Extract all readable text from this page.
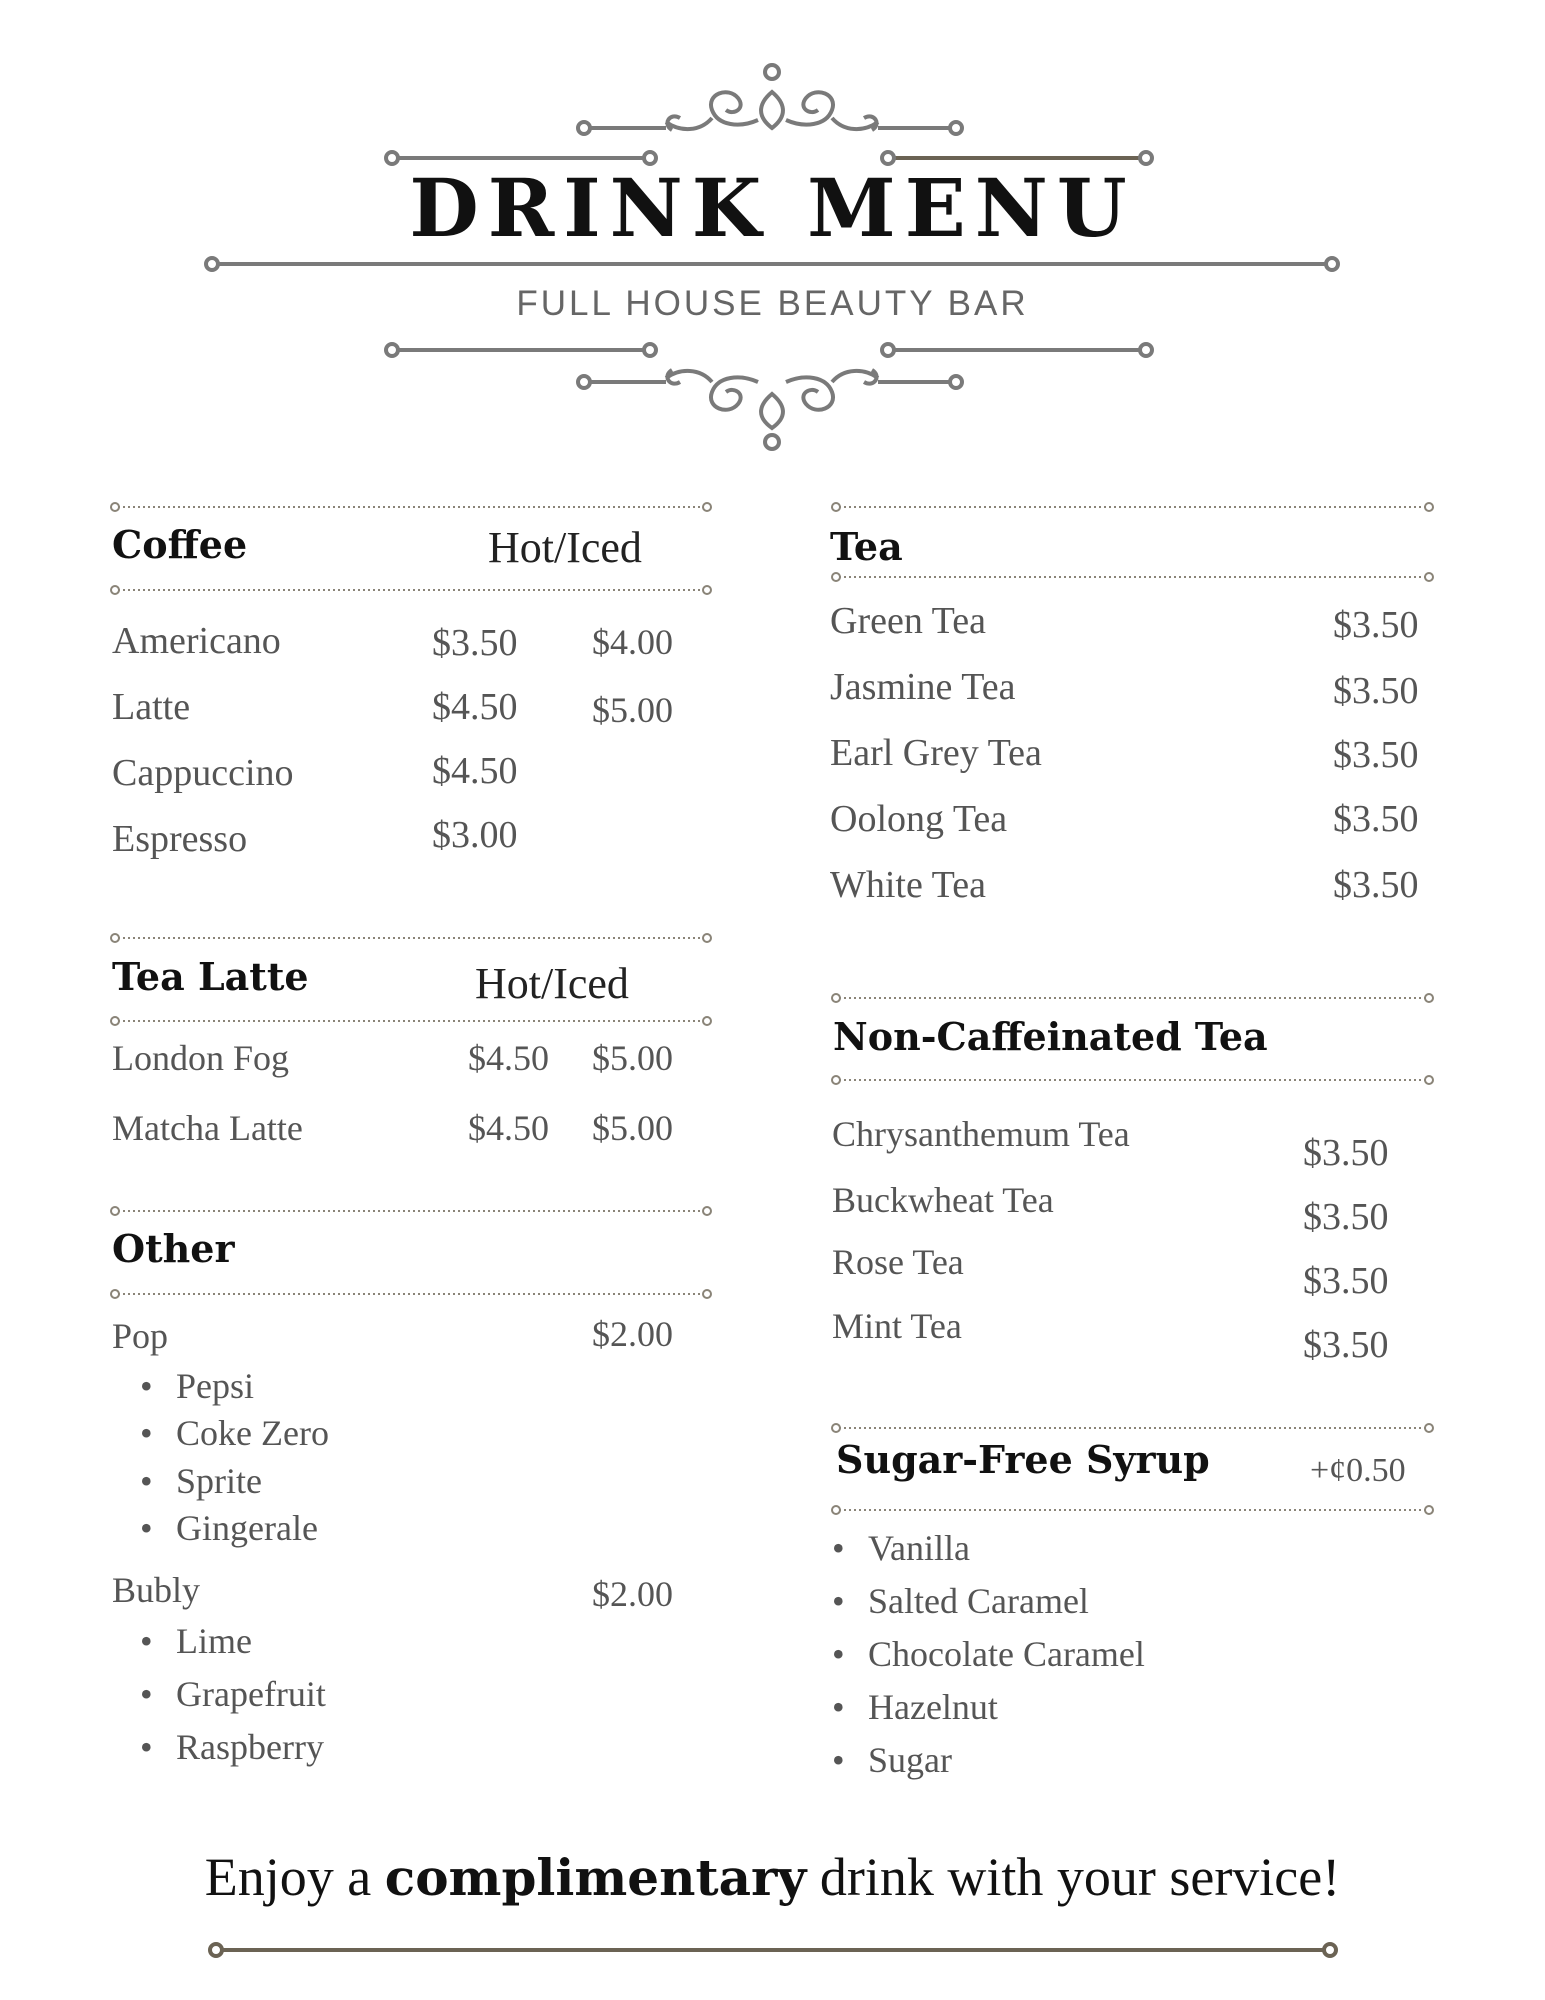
DRINK MENU
FULL HOUSE BEAUTY BAR
Coffee	Hot/Iced
Americano	$3.50 $4.00
Latte	$4.50 $5.00
Cappuccino	$4.50
Espresso	$3.00
Tea Latte	Hot/Iced
London Fog	$4.50 $5.00
Matcha Latte	$4.50 $5.00
Other
Pop	$2.00
• Pepsi
• Coke Zero
• Sprite
• Gingerale
Bubly	$2.00
• Lime
• Grapefruit
• Raspberry
Tea
Green Tea	$3.50
Jasmine Tea	$3.50
Earl Grey Tea	$3.50
Oolong Tea	$3.50
White Tea	$3.50
Non-Caffeinated Tea
Chrysanthemum Tea	$3.50
Buckwheat Tea	$3.50
Rose Tea	$3.50
Mint Tea	$3.50
Sugar-Free Syrup	+¢0.50
• Vanilla
• Salted Caramel
• Chocolate Caramel
• Hazelnut
• Sugar
Enjoy a complimentary drink with your service!
